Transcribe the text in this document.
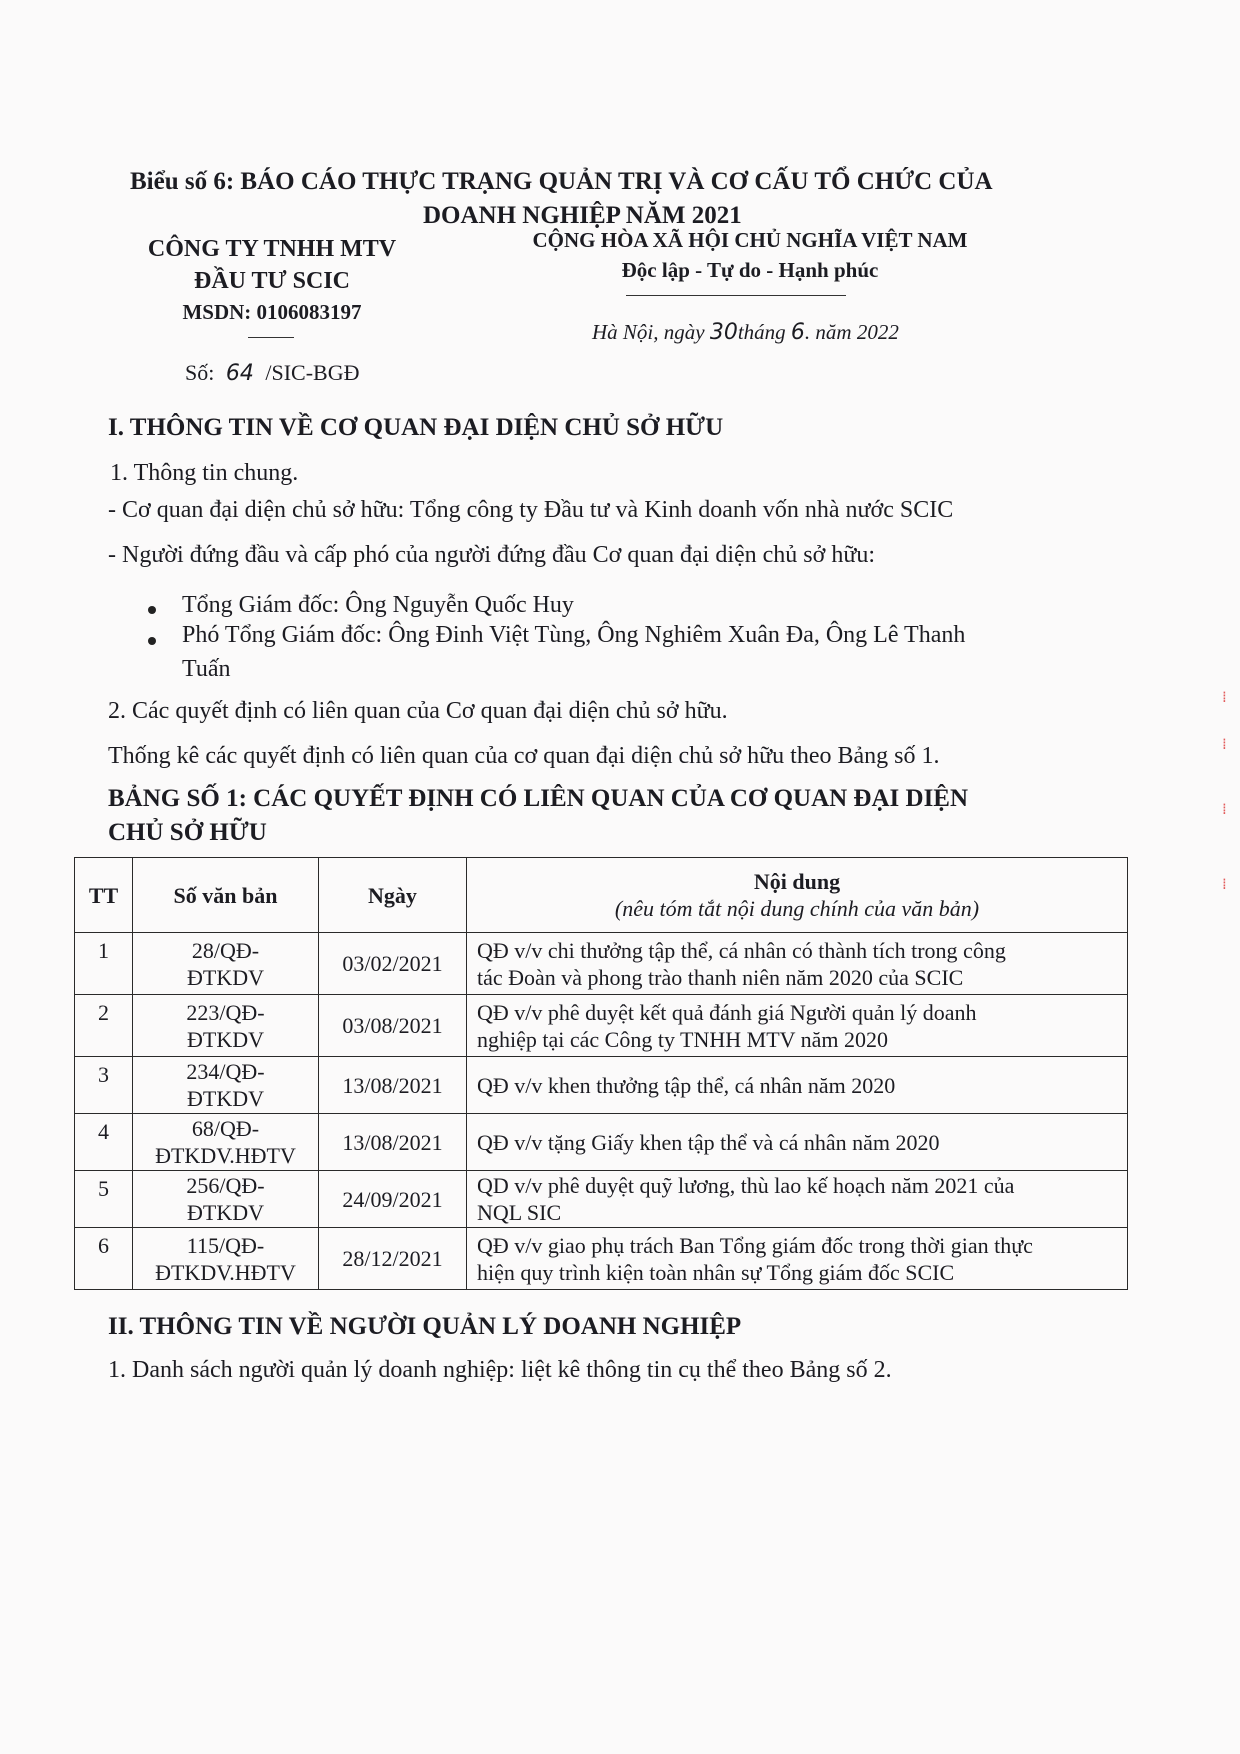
Biểu số 6: BÁO CÁO THỰC TRẠNG QUẢN TRỊ VÀ CƠ CẤU TỔ CHỨC CỦA
DOANH NGHIỆP NĂM 2021
CÔNG TY TNHH MTV
ĐẦU TƯ SCIC
MSDN: 0106083197
Số: 64 /SIC-BGĐ
CỘNG HÒA XÃ HỘI CHỦ NGHĨA VIỆT NAM
Độc lập - Tự do - Hạnh phúc
Hà Nội, ngày 30tháng 6. năm 2022
I. THÔNG TIN VỀ CƠ QUAN ĐẠI DIỆN CHỦ SỞ HỮU
1. Thông tin chung.
- Cơ quan đại diện chủ sở hữu: Tổng công ty Đầu tư và Kinh doanh vốn nhà nước SCIC
- Người đứng đầu và cấp phó của người đứng đầu Cơ quan đại diện chủ sở hữu:
Tổng Giám đốc: Ông Nguyễn Quốc Huy
Phó Tổng Giám đốc: Ông Đinh Việt Tùng, Ông Nghiêm Xuân Đa, Ông Lê Thanh
Tuấn
2. Các quyết định có liên quan của Cơ quan đại diện chủ sở hữu.
Thống kê các quyết định có liên quan của cơ quan đại diện chủ sở hữu theo Bảng số 1.
BẢNG SỐ 1: CÁC QUYẾT ĐỊNH CÓ LIÊN QUAN CỦA CƠ QUAN ĐẠI DIỆN
CHỦ SỞ HỮU
TT	Số văn bản	Ngày	Nội dung
(nêu tóm tắt nội dung chính của văn bản)

1	28/QĐ-
ĐTKDV	03/02/2021	QĐ v/v chi thưởng tập thể, cá nhân có thành tích trong công
tác Đoàn và phong trào thanh niên năm 2020 của SCIC

2	223/QĐ-
ĐTKDV	03/08/2021	QĐ v/v phê duyệt kết quả đánh giá Người quản lý doanh
nghiệp tại các Công ty TNHH MTV năm 2020

3	234/QĐ-
ĐTKDV	13/08/2021	QĐ v/v khen thưởng tập thể, cá nhân năm 2020

4	68/QĐ-
ĐTKDV.HĐTV	13/08/2021	QĐ v/v tặng Giấy khen tập thể và cá nhân năm 2020

5	256/QĐ-
ĐTKDV	24/09/2021	QD v/v phê duyệt quỹ lương, thù lao kế hoạch năm 2021 của
NQL SIC

6	115/QĐ-
ĐTKDV.HĐTV	28/12/2021	QĐ v/v giao phụ trách Ban Tổng giám đốc trong thời gian thực
hiện quy trình kiện toàn nhân sự Tổng giám đốc SCIC
II. THÔNG TIN VỀ NGƯỜI QUẢN LÝ DOANH NGHIỆP
1. Danh sách người quản lý doanh nghiệp: liệt kê thông tin cụ thể theo Bảng số 2.
⁞
⁞
⁞
⁞
